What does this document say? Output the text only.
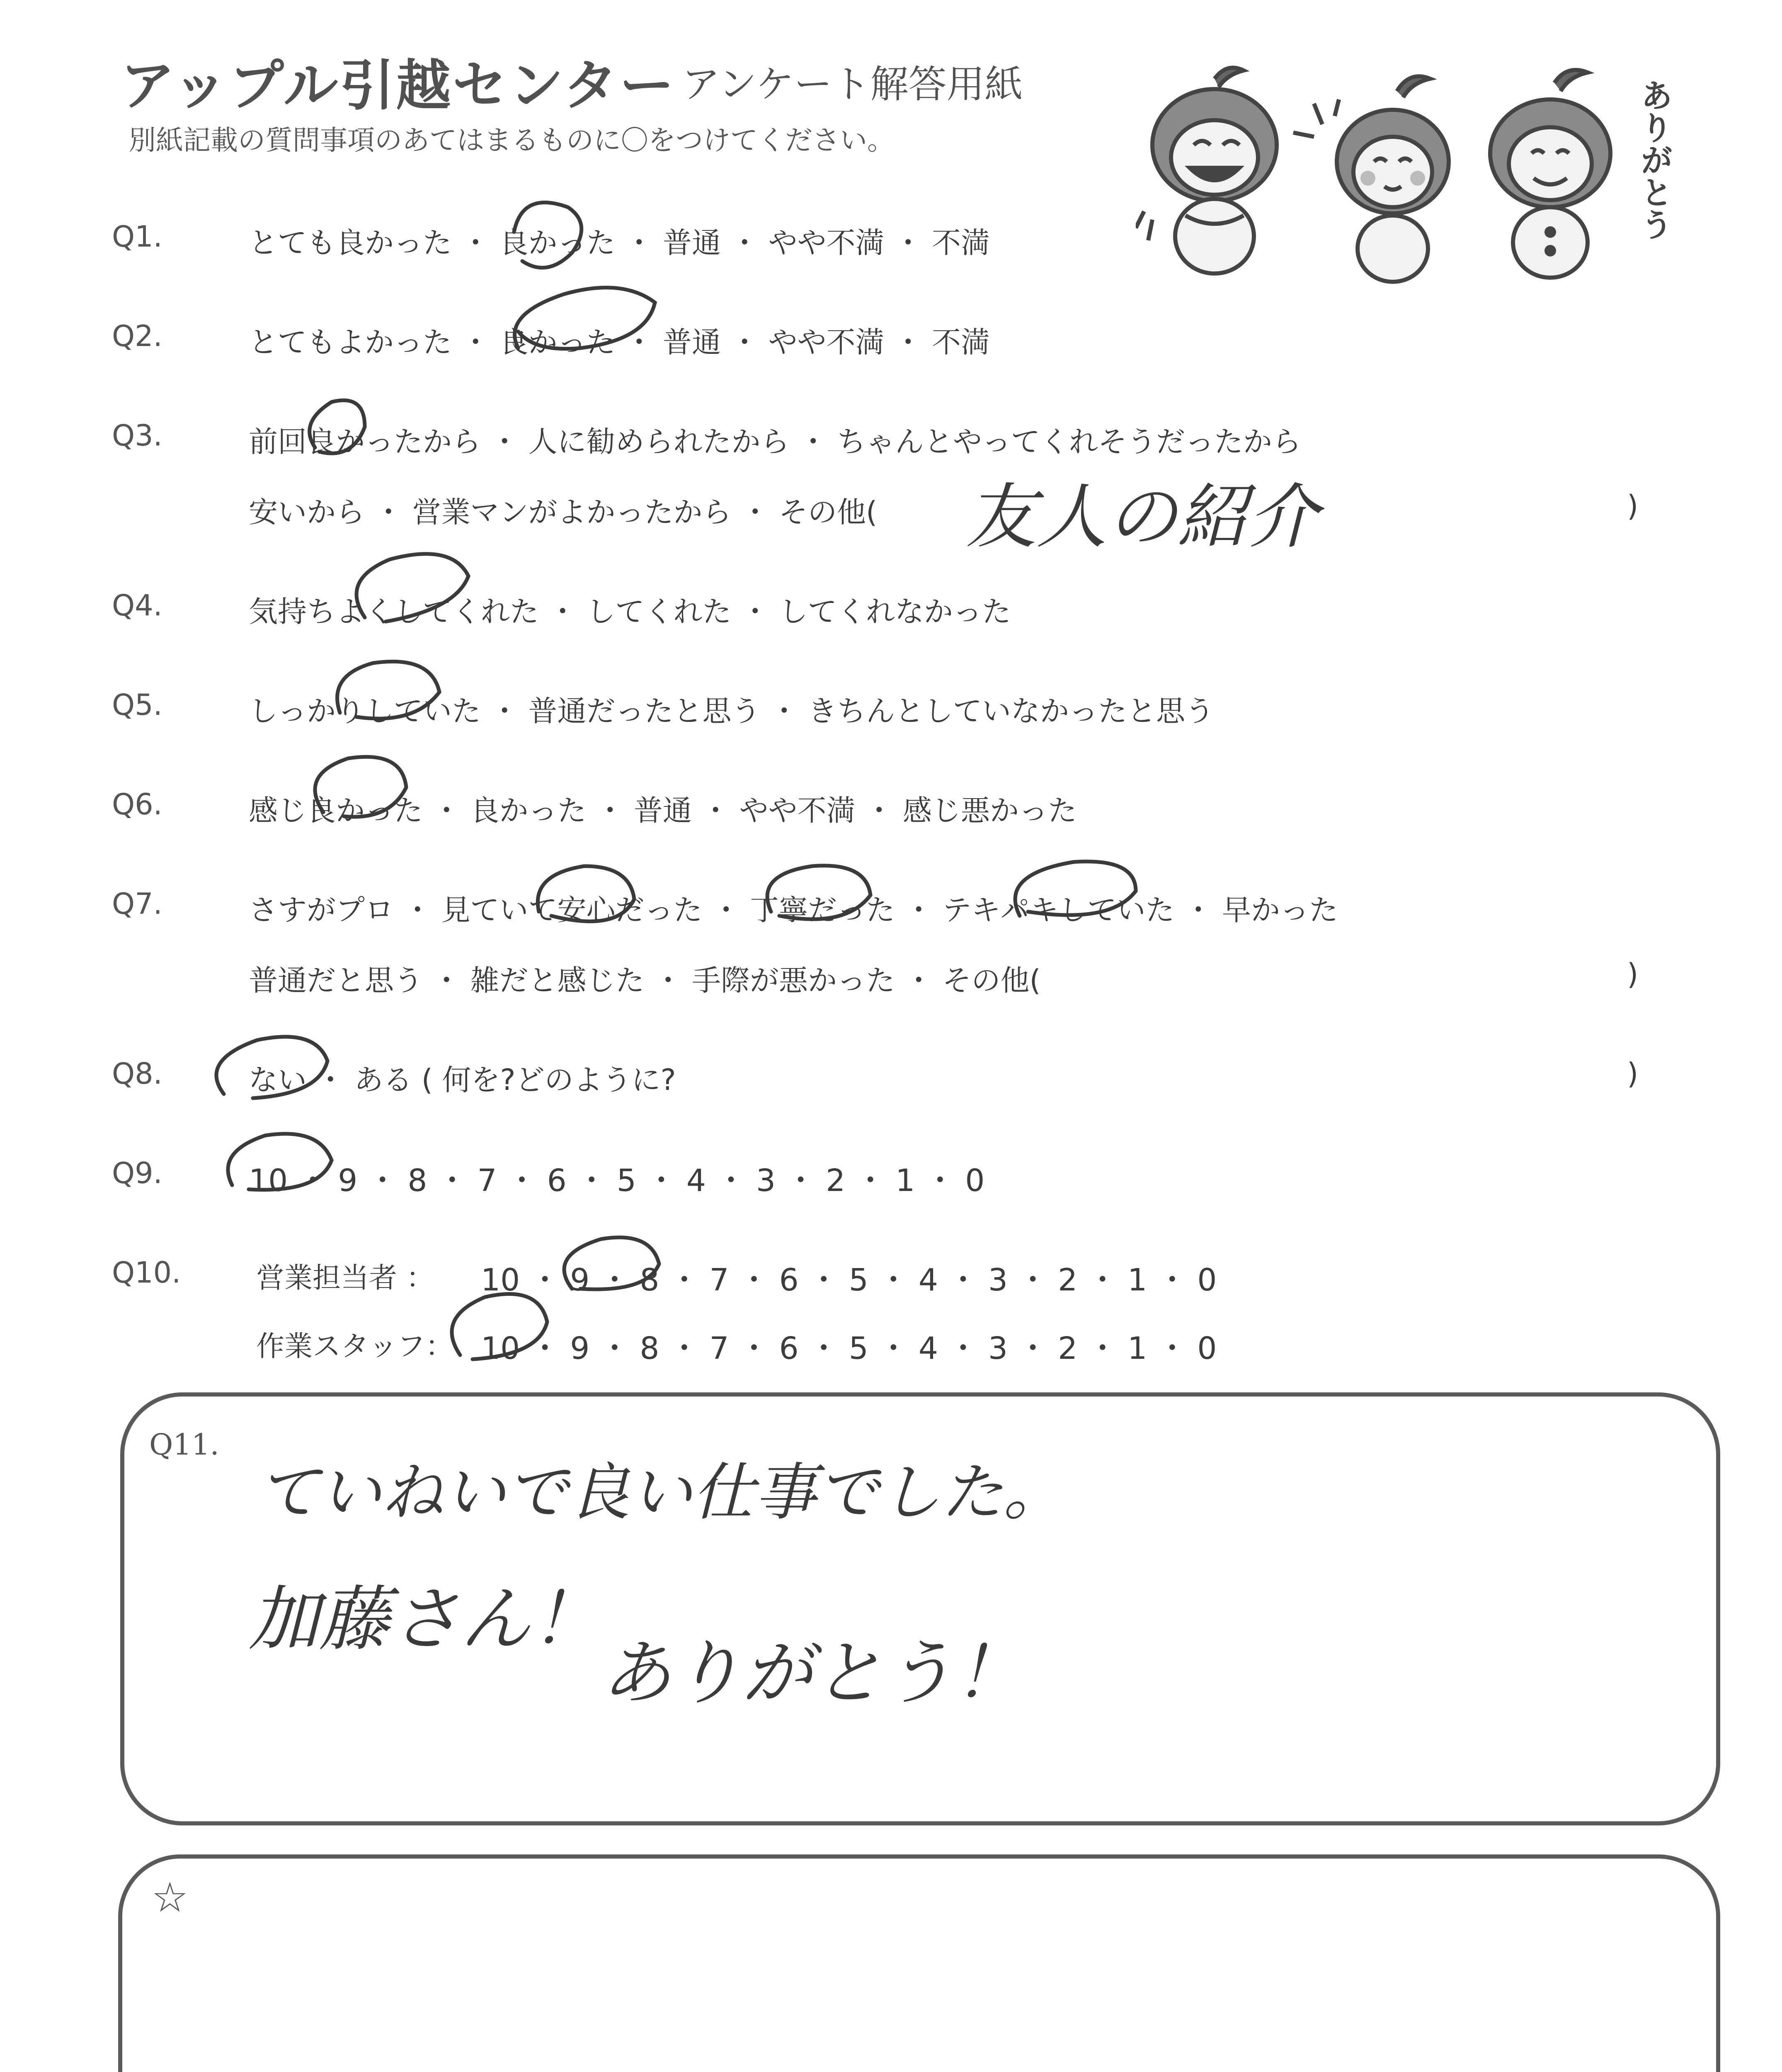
アップル引越センター アンケート解答用紙
別紙記載の質問事項のあてはまるものに〇をつけてください。	ありがとう
Q1.	とても良かった ・ 良かった ・ 普通 ・ やや不満 ・ 不満
Q2.	とてもよかった ・ 良かった ・ 普通 ・ やや不満 ・ 不満
Q3.	前回良かったから ・ 人に勧められたから ・ ちゃんとやってくれそうだったから
安いから ・ 営業マンがよかったから ・ その他(	)
友人の紹介
Q4.	気持ちよくしてくれた ・ してくれた ・ してくれなかった
Q5.	しっかりしていた ・ 普通だったと思う ・ きちんとしていなかったと思う
Q6.	感じ良かった ・ 良かった ・ 普通 ・ やや不満 ・ 感じ悪かった
Q7.	さすがプロ ・ 見ていて安心だった ・ 丁寧だった ・ テキパキしていた ・ 早かった
普通だと思う ・ 雑だと感じた ・ 手際が悪かった ・ その他(	)
Q8.	ない ・ ある ( 何を?どのように?	)
Q9.	10 ・ 9 ・ 8 ・ 7 ・ 6 ・ 5 ・ 4 ・ 3 ・ 2 ・ 1 ・ 0
Q10.	営業担当者 ： 10 ・ 9 ・ 8 ・ 7 ・ 6 ・ 5 ・ 4 ・ 3 ・ 2 ・ 1 ・ 0
作業スタッフ： 10 ・ 9 ・ 8 ・ 7 ・ 6 ・ 5 ・ 4 ・ 3 ・ 2 ・ 1 ・ 0
Q11.
ていねいで良い仕事でした。
加藤さん！
ありがとう！
☆
